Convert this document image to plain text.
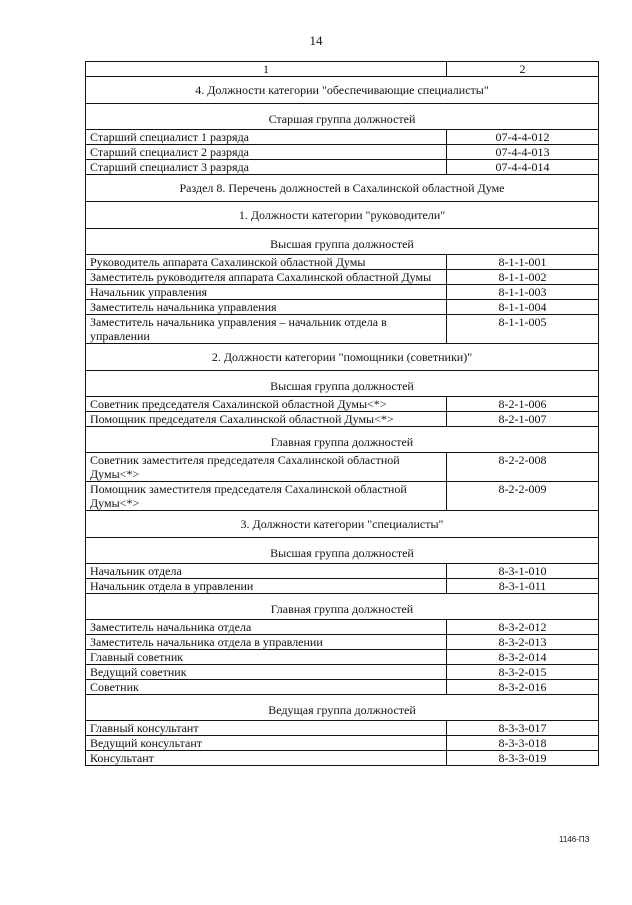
14
1	2
4. Должности категории "обеспечивающие специалисты"	
Старшая группа должностей	
Старший специалист 1 разряда	07-4-4-012
Старший специалист 2 разряда	07-4-4-013
Старший специалист 3 разряда	07-4-4-014
Раздел 8. Перечень должностей в Сахалинской областной Думе	
1. Должности категории "руководители"	
Высшая группа должностей	
Руководитель аппарата Сахалинской областной Думы	8-1-1-001
Заместитель руководителя аппарата Сахалинской областной Думы	8-1-1-002
Начальник управления	8-1-1-003
Заместитель начальника управления	8-1-1-004
Заместитель начальника управления – начальник отдела в управлении	8-1-1-005
2. Должности категории "помощники (советники)"	
Высшая группа должностей	
Советник председателя Сахалинской областной Думы<*>	8-2-1-006
Помощник председателя Сахалинской областной Думы<*>	8-2-1-007
Главная группа должностей	
Советник заместителя председателя Сахалинской областной Думы<*>	8-2-2-008
Помощник заместителя председателя Сахалинской областной Думы<*>	8-2-2-009
3. Должности категории "специалисты"	
Высшая группа должностей	
Начальник отдела	8-3-1-010
Начальник отдела в управлении	8-3-1-011
Главная группа должностей	
Заместитель начальника отдела	8-3-2-012
Заместитель начальника отдела в управлении	8-3-2-013
Главный советник	8-3-2-014
Ведущий советник	8-3-2-015
Советник	8-3-2-016
Ведущая группа должностей	
Главный консультант	8-3-3-017
Ведущий консультант	8-3-3-018
Консультант	8-3-3-019
1146-ПЗ
